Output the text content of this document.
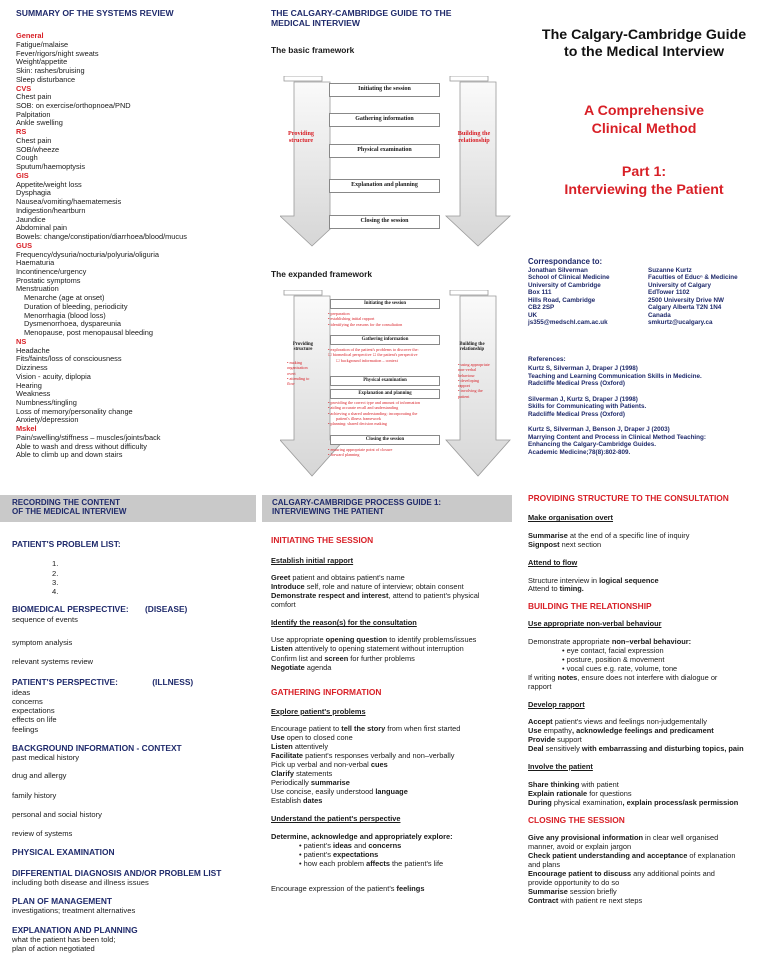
SUMMARY OF THE SYSTEMS REVIEW
General
Fatigue/malaise
Fever/rigors/night sweats
Weight/appetite
Skin: rashes/bruising
Sleep disturbance
CVS
Chest pain
SOB: on exercise/orthopnoea/PND
Palpitation
Ankle swelling
RS
Chest pain
SOB/wheeze
Cough
Sputum/haemoptysis
GIS
Appetite/weight loss
Dysphagia
Nausea/vomiting/haematemesis
Indigestion/heartburn
Jaundice
Abdominal pain
Bowels: change/constipation/diarrhoea/blood/mucus
GUS
Frequency/dysuria/nocturia/polyuria/oliguria
Haematuria
Incontinence/urgency
Prostatic symptoms
Menstruation
Menarche (age at onset)
Duration of bleeding, periodicity
Menorrhagia (blood loss)
Dysmenorrhoea, dyspareunia
Menopause, post menopausal bleeding
NS
Headache
Fits/faints/loss of consciousness
Dizziness
Vision - acuity, diplopia
Hearing
Weakness
Numbness/tingling
Loss of memory/personality change
Anxiety/depression
Mskel
Pain/swelling/stiffness – muscles/joints/back
Able to wash and dress without difficulty
Able to climb up and down stairs
RECORDING THE CONTENT
OF THE MEDICAL INTERVIEW
PATIENT'S PROBLEM LIST:
1.
2.
3.
4.
BIOMEDICAL PERSPECTIVE: (DISEASE)
sequence of events
symptom analysis
relevant systems review
PATIENT'S PERSPECTIVE:	(ILLNESS)
ideas
concerns
expectations
effects on life
feelings
BACKGROUND INFORMATION - CONTEXT
past medical history
drug and allergy
family history
personal and social history
review of systems
PHYSICAL EXAMINATION
DIFFERENTIAL DIAGNOSIS AND/OR PROBLEM LIST
including both disease and illness issues
PLAN OF MANAGEMENT
investigations; treatment alternatives
EXPLANATION AND PLANNING
what the patient has been told;
plan of action negotiated
THE CALGARY-CAMBRIDGE GUIDE TO THE
MEDICAL INTERVIEW
The basic framework
Initiating the session
Gathering information
Physical examination
Explanation and planning
Closing the session
Providing
structure
Building the
relationship
The expanded framework
Initiating the session
• preparation
• establishing initial rapport
• identifying the reasons for the consultation
Gathering information
• exploration of the patient's problems to discover the:
☐ biomedical perspective ☐ the patient's perspective
☐ background information – context
Physical examination
Explanation and planning
• providing the correct type and amount of information
• aiding accurate recall and understanding
• achieving a shared understanding: incorporating the
patient's illness framework
• planning: shared decision making
Closing the session
• ensuring appropriate point of closure
• forward planning
Providing
structure
• making organisation overt
• attending to flow
Building the
relationship
• using appropriate non-verbal behaviour
• developing rapport
• involving the patient
CALGARY-CAMBRIDGE PROCESS GUIDE 1:
INTERVIEWING THE PATIENT
INITIATING THE SESSION
Establish initial rapport
Greet patient and obtains patient's name
Introduce self, role and nature of interview; obtain consent
Demonstrate respect and interest, attend to patient's physical
comfort
Identify the reason(s) for the consultation
Use appropriate opening question to identify problems/issues
Listen attentively to opening statement without interruption
Confirm list and screen for further problems
Negotiate agenda
GATHERING INFORMATION
Explore patient's problems
Encourage patient to tell the story from when first started
Use open to closed cone
Listen attentively
Facilitate patient's responses verbally and non–verbally
Pick up verbal and non-verbal cues
Clarify statements
Periodically summarise
Use concise, easily understood language
Establish dates
Understand the patient's perspective
Determine, acknowledge and appropriately explore:
• patient's ideas and concerns
• patient's expectations
• how each problem affects the patient's life
Encourage expression of the patient's feelings
The Calgary-Cambridge Guide
to the Medical Interview
A Comprehensive
Clinical Method
Part 1:
Interviewing the Patient
Correspondance to:
Jonathan Silverman
School of Clinical Medicine
University of Cambridge
Box 111
Hills Road, Cambridge
CB2 2SP
UK
js355@medschl.cam.ac.uk
Suzanne Kurtz
Faculties of Educⁿ & Medicine
University of Calgary
EdTower 1102
2500 University Drive NW
Calgary Alberta T2N 1N4
Canada
smkurtz@ucalgary.ca
References:
Kurtz S, Silverman J, Draper J (1998)
Teaching and Learning Communication Skills in Medicine.
Radcliffe Medical Press (Oxford)
Silverman J, Kurtz S, Draper J (1998)
Skills for Communicating with Patients.
Radcliffe Medical Press (Oxford)
Kurtz S, Silverman J, Benson J, Draper J (2003)
Marrying Content and Process in Clinical Method Teaching:
Enhancing the Calgary-Cambridge Guides.
Academic Medicine;78(8):802-809.
PROVIDING STRUCTURE TO THE CONSULTATION
Make organisation overt
Summarise at the end of a specific line of inquiry
Signpost next section
Attend to flow
Structure interview in logical sequence
Attend to timing.
BUILDING THE RELATIONSHIP
Use appropriate non-verbal behaviour
Demonstrate appropriate non–verbal behaviour:
• eye contact, facial expression
• posture, position & movement
• vocal cues e.g. rate, volume, tone
If writing notes, ensure does not interfere with dialogue or
rapport
Develop rapport
Accept patient's views and feelings non-judgementally
Use empathy, acknowledge feelings and predicament
Provide support
Deal sensitively with embarrassing and disturbing topics, pain
Involve the patient
Share thinking with patient
Explain rationale for questions
During physical examination, explain process/ask permission
CLOSING THE SESSION
Give any provisional information in clear well organised
manner, avoid or explain jargon
Check patient understanding and acceptance of explanation
and plans
Encourage patient to discuss any additional points and
provide opportunity to do so
Summarise session briefly
Contract with patient re next steps
